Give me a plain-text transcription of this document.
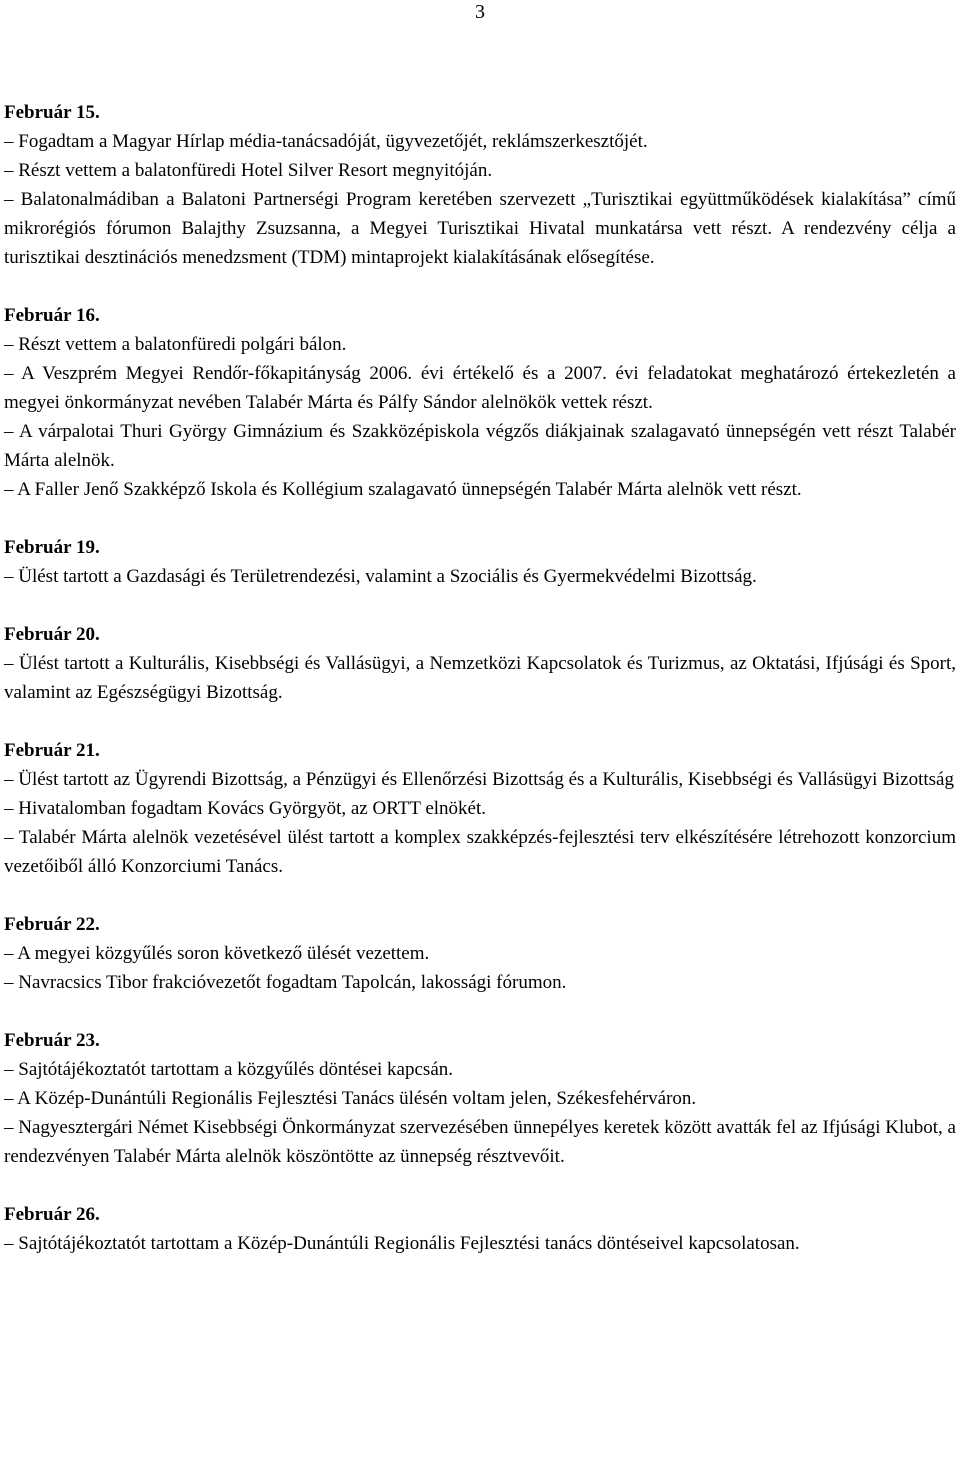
3

Február 15.

– Fogadtam a Magyar Hírlap média-tanácsadóját, ügyvezetőjét, reklámszerkesztőjét.

– Részt vettem a balatonfüredi Hotel Silver Resort megnyitóján.

– Balatonalmádiban a Balatoni Partnerségi Program keretében szervezett „Turisztikai együttműködések kialakítása” című mikrorégiós fórumon Balajthy Zsuzsanna, a Megyei Turisztikai Hivatal munkatársa vett részt. A rendezvény célja a turisztikai desztinációs menedzsment (TDM) mintaprojekt kialakításának elősegítése.

Február 16.

– Részt vettem a balatonfüredi polgári bálon.

– A Veszprém Megyei Rendőr-főkapitányság 2006. évi értékelő és a 2007. évi feladatokat meghatározó értekezletén a megyei önkormányzat nevében Talabér Márta és Pálfy Sándor alelnökök vettek részt.

– A várpalotai Thuri György Gimnázium és Szakközépiskola végzős diákjainak szalagavató ünnepségén vett részt Talabér Márta alelnök.

– A Faller Jenő Szakképző Iskola és Kollégium szalagavató ünnepségén Talabér Márta alelnök vett részt.

Február 19.

– Ülést tartott a Gazdasági és Területrendezési, valamint a Szociális és Gyermekvédelmi Bizottság.

Február 20.

– Ülést tartott a Kulturális, Kisebbségi és Vallásügyi, a Nemzetközi Kapcsolatok és Turizmus, az Oktatási, Ifjúsági és Sport, valamint az Egészségügyi Bizottság.

Február 21.

– Ülést tartott az Ügyrendi Bizottság, a Pénzügyi és Ellenőrzési Bizottság és a Kulturális, Kisebbségi és Vallásügyi Bizottság

– Hivatalomban fogadtam Kovács Györgyöt, az ORTT elnökét.

– Talabér Márta alelnök vezetésével ülést tartott a komplex szakképzés-fejlesztési terv elkészítésére létrehozott konzorcium vezetőiből álló Konzorciumi Tanács.

Február 22.

– A megyei közgyűlés soron következő ülését vezettem.

– Navracsics Tibor frakcióvezetőt fogadtam Tapolcán, lakossági fórumon.

Február 23.

– Sajtótájékoztatót tartottam a közgyűlés döntései kapcsán.

– A Közép-Dunántúli Regionális Fejlesztési Tanács ülésén voltam jelen, Székesfehérváron.

– Nagyesztergári Német Kisebbségi Önkormányzat szervezésében ünnepélyes keretek között avatták fel az Ifjúsági Klubot, a rendezvényen Talabér Márta alelnök köszöntötte az ünnepség résztvevőit.

Február 26.

– Sajtótájékoztatót tartottam a Közép-Dunántúli Regionális Fejlesztési tanács döntéseivel kapcsolatosan.
